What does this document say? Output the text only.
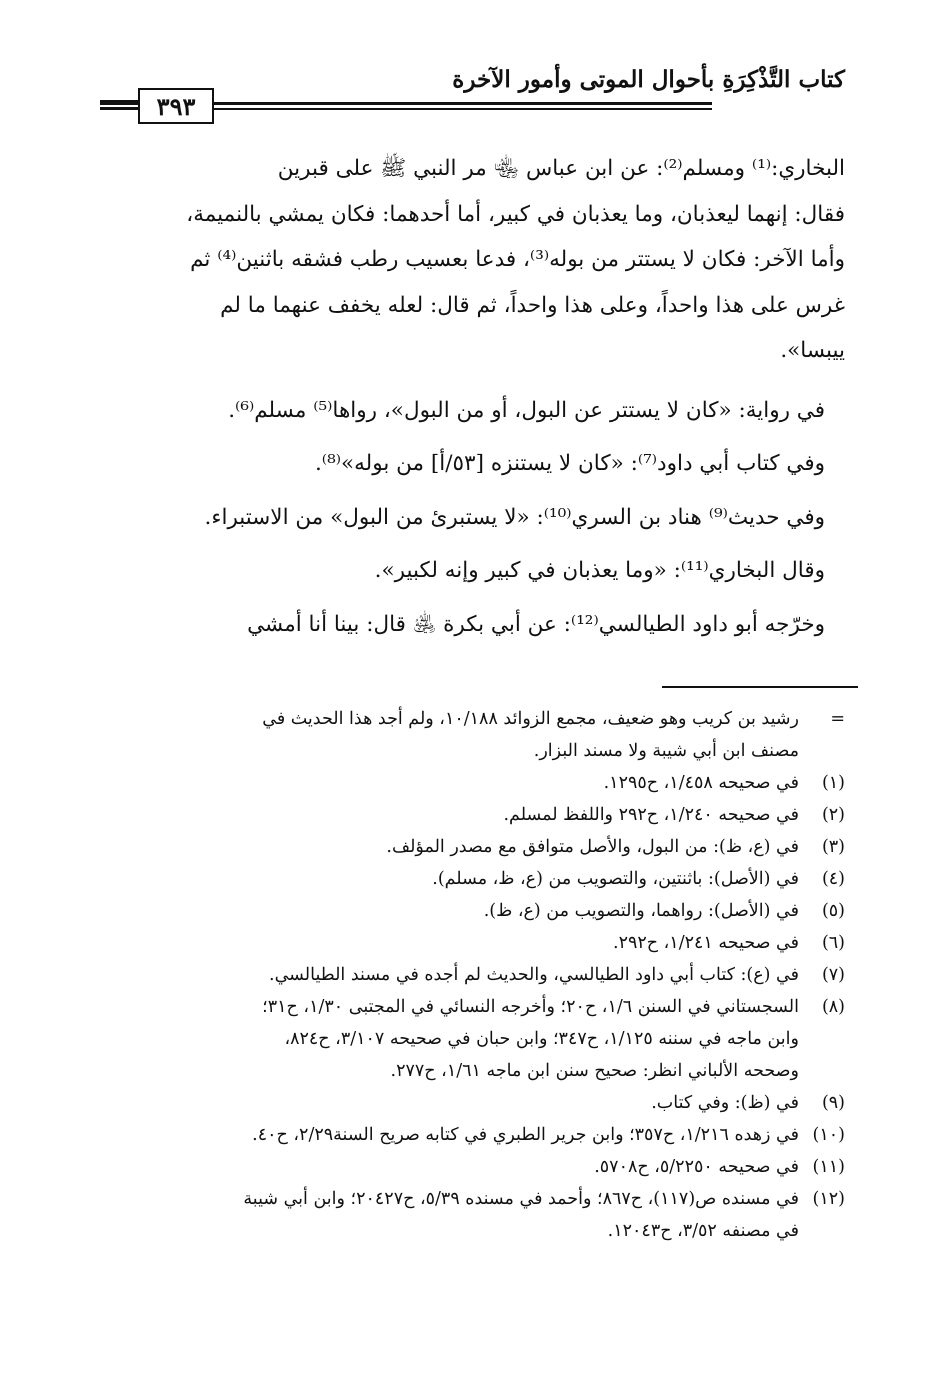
كتاب التَّذْكِرَةِ بأحوال الموتى وأمور الآخرة
٣٩٣
البخاري:⁽¹⁾ ومسلم⁽²⁾: عن ابن عباس ﵄ مر النبي ﷺ على قبرين
فقال: إنهما ليعذبان، وما يعذبان في كبير، أما أحدهما: فكان يمشي بالنميمة،
وأما الآخر: فكان لا يستتر من بوله⁽³⁾، فدعا بعسيب رطب فشقه باثنين⁽⁴⁾ ثم
غرس على هذا واحداً، وعلى هذا واحداً، ثم قال: لعله يخفف عنهما ما لم
ييبسا».
في رواية: «كان لا يستتر عن البول، أو من البول»، رواها⁽⁵⁾ مسلم⁽⁶⁾.
وفي كتاب أبي داود⁽⁷⁾: «كان لا يستنزه [٥٣/أ] من بوله»⁽⁸⁾.
وفي حديث⁽⁹⁾ هناد بن السري⁽¹⁰⁾: «لا يستبرئ من البول» من الاستبراء.
وقال البخاري⁽¹¹⁾: «وما يعذبان في كبير وإنه لكبير».
وخرّجه أبو داود الطيالسي⁽¹²⁾: عن أبي بكرة ﵁ قال: بينا أنا أمشي
=
رشيد بن كريب وهو ضعيف، مجمع الزوائد ١٠/١٨٨، ولم أجد هذا الحديث في
مصنف ابن أبي شيبة ولا مسند البزار.
(١)
في صحيحه ١/٤٥٨، ح١٢٩٥.
(٢)
في صحيحه ١/٢٤٠، ح٢٩٢ واللفظ لمسلم.
(٣)
في (ع، ظ): من البول، والأصل متوافق مع مصدر المؤلف.
(٤)
في (الأصل): باثنتين، والتصويب من (ع، ظ، مسلم).
(٥)
في (الأصل): رواهما، والتصويب من (ع، ظ).
(٦)
في صحيحه ١/٢٤١، ح٢٩٢.
(٧)
في (ع): كتاب أبي داود الطيالسي، والحديث لم أجده في مسند الطيالسي.
(٨)
السجستاني في السنن ١/٦، ح٢٠؛ وأخرجه النسائي في المجتبى ١/٣٠، ح٣١؛
وابن ماجه في سننه ١/١٢٥، ح٣٤٧؛ وابن حبان في صحيحه ٣/١٠٧، ح٨٢٤،
وصححه الألباني انظر: صحيح سنن ابن ماجه ١/٦١، ح٢٧٧.
(٩)
في (ظ): وفي كتاب.
(١٠)
في زهده ١/٢١٦، ح٣٥٧؛ وابن جرير الطبري في كتابه صريح السنة٢/٢٩، ح٤٠.
(١١)
في صحيحه ٥/٢٢٥٠، ح٥٧٠٨.
(١٢)
في مسنده ص(١١٧)، ح٨٦٧؛ وأحمد في مسنده ٥/٣٩، ح٢٠٤٢٧؛ وابن أبي شيبة
في مصنفه ٣/٥٢، ح١٢٠٤٣.
